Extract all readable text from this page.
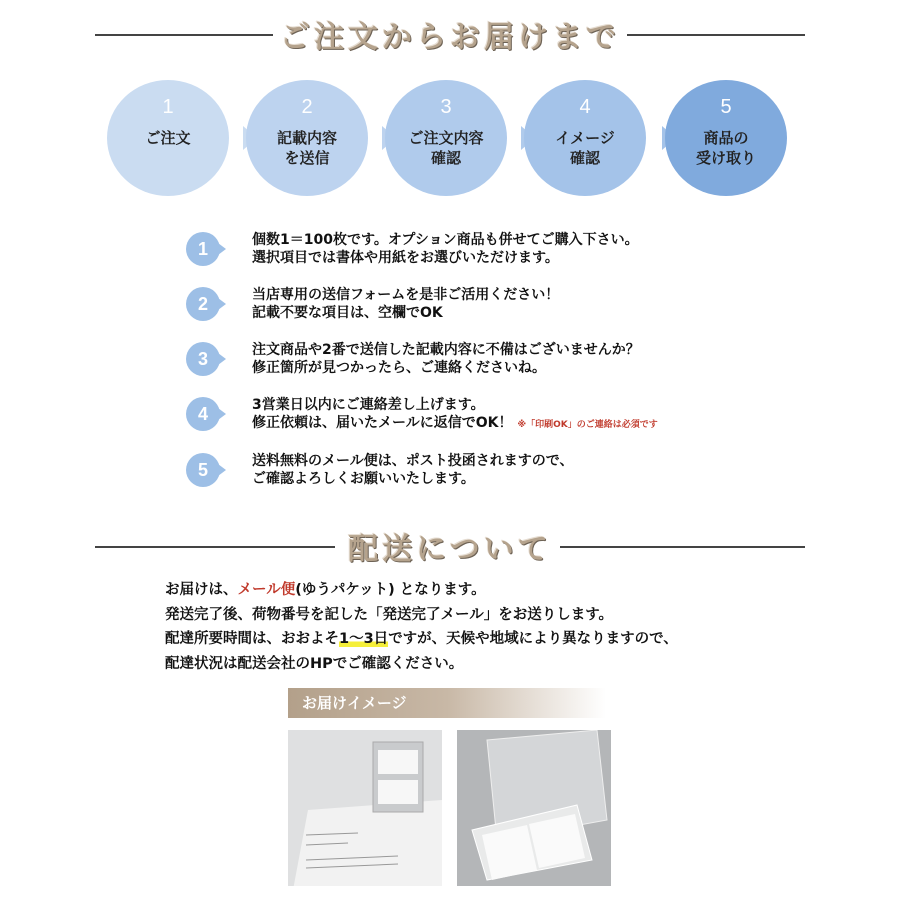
ご注文からお届けまで
1
ご注文
2
記載内容
を送信
3
ご注文内容
確認
4
イメージ
確認
5
商品の
受け取り
1	個数1＝100枚です。オプション商品も併せてご購入下さい。
選択項目では書体や用紙をお選びいただけます。
2	当店専用の送信フォームを是非ご活用ください！
記載不要な項目は、空欄でOK
3	注文商品や2番で送信した記載内容に不備はございませんか？
修正箇所が見つかったら、ご連絡くださいね。
4	3営業日以内にご連絡差し上げます。
修正依頼は、届いたメールに返信でOK！ ※「印刷OK」のご連絡は必須です
5	送料無料のメール便は、ポスト投函されますので、
ご確認よろしくお願いいたします。
配送について
お届けは、メール便(ゆうパケット) となります。
発送完了後、荷物番号を記した「発送完了メール」をお送りします。
配達所要時間は、おおよそ1〜3日ですが、天候や地域により異なりますので、
配達状況は配送会社のHPでご確認ください。
お届けイメージ
